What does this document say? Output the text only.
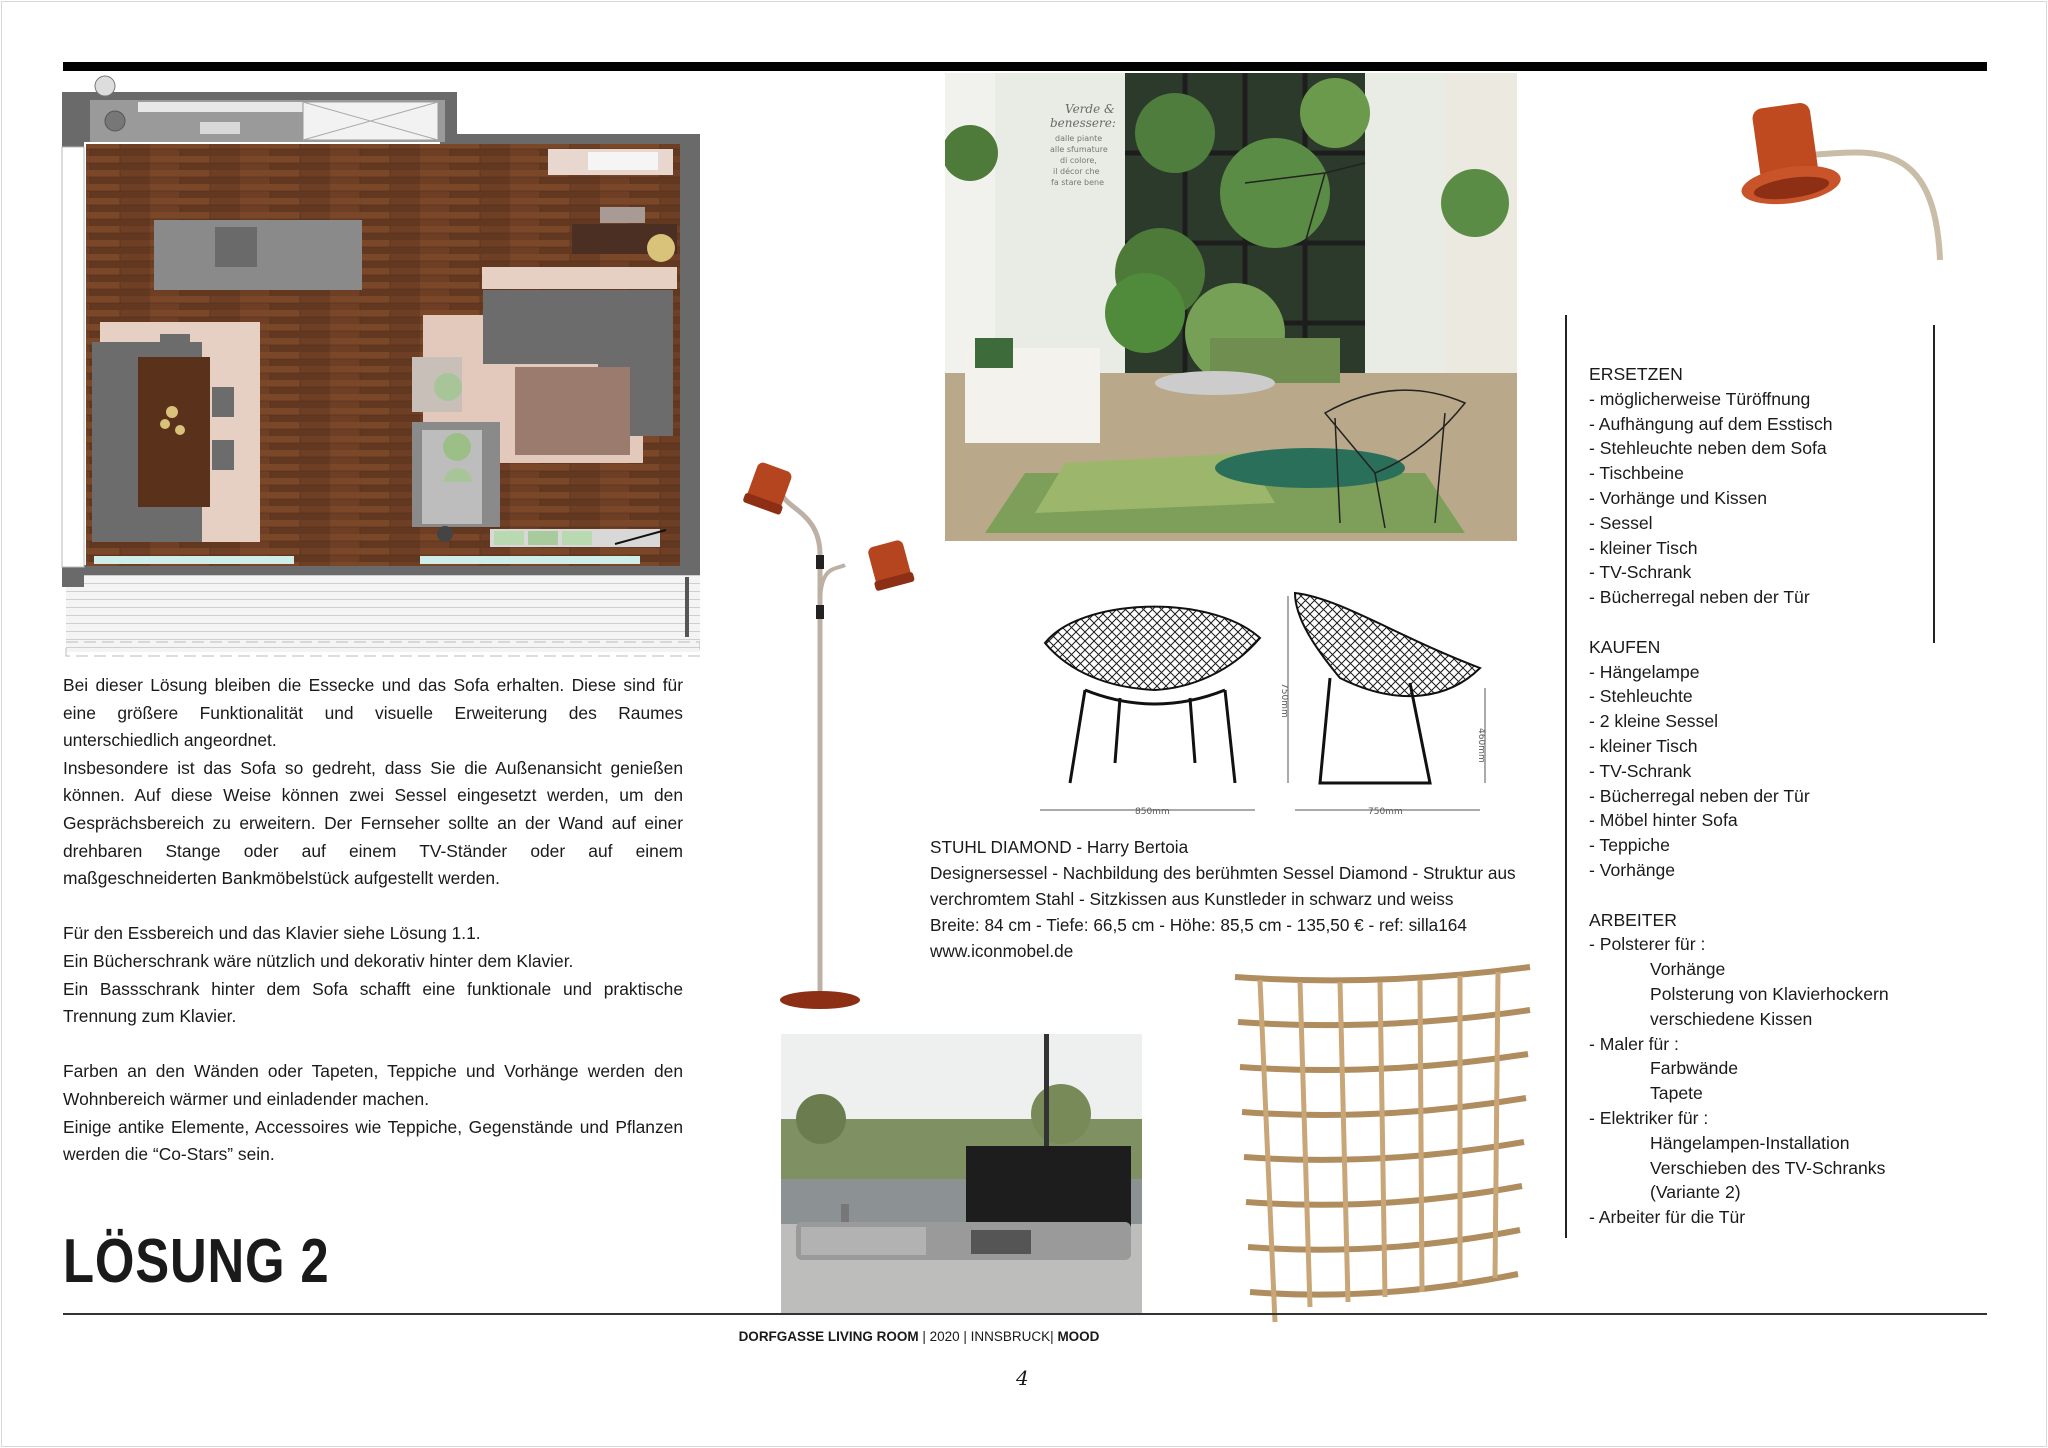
Bei dieser Lösung bleiben die Essecke und das Sofa erhalten. Diese sind für eine größere Funktionalität und visuelle Erweiterung des Raumes unterschiedlich angeordnet.

Insbesondere ist das Sofa so gedreht, dass Sie die Außenansicht genießen können. Auf diese Weise können zwei Sessel eingesetzt werden, um den Gesprächsbereich zu erweitern. Der Fernseher sollte an der Wand auf einer drehbaren Stange oder auf einem TV-Ständer oder auf einem maßgeschneiderten Bankmöbelstück aufgestellt werden.

Für den Essbereich und das Klavier siehe Lösung 1.1.

Ein Bücherschrank wäre nützlich und dekorativ hinter dem Klavier.

Ein Bassschrank hinter dem Sofa schafft eine funktionale und praktische Trennung zum Klavier.

Farben an den Wänden oder Tapeten, Teppiche und Vorhänge werden den Wohnbereich wärmer und einladender machen.

Einige antike Elemente, Accessoires wie Teppiche, Gegenstände und Pflanzen werden die “Co-Stars” sein.

LÖSUNG 2
Verde &
benessere:
dalle piante
alle sfumature
di colore,
il décor che
fa stare bene
850mm
750mm
750mm
460mm
STUHL DIAMOND - Harry Bertoia
Designersessel - Nachbildung des berühmten Sessel Diamond - Struktur aus
verchromtem Stahl - Sitzkissen aus Kunstleder in schwarz und weiss
Breite: 84 cm - Tiefe: 66,5 cm - Höhe: 85,5 cm - 135,50 € - ref: silla164
www.iconmobel.de
ERSETZEN
- möglicherweise Türöffnung
- Aufhängung auf dem Esstisch
- Stehleuchte neben dem Sofa
- Tischbeine
- Vorhänge und Kissen
- Sessel
- kleiner Tisch
- TV-Schrank
- Bücherregal neben der Tür
KAUFEN
- Hängelampe
- Stehleuchte
- 2 kleine Sessel
- kleiner Tisch
- TV-Schrank
- Bücherregal neben der Tür
- Möbel hinter Sofa
- Teppiche
- Vorhänge
ARBEITER
- Polsterer für :
Vorhänge
Polsterung von Klavierhockern
verschiedene Kissen
- Maler für :
Farbwände
Tapete
- Elektriker für :
Hängelampen-Installation
Verschieben des TV-Schranks
(Variante 2)
- Arbeiter für die Tür
DORFGASSE LIVING ROOM | 2020 | INNSBRUCK| MOOD
4
